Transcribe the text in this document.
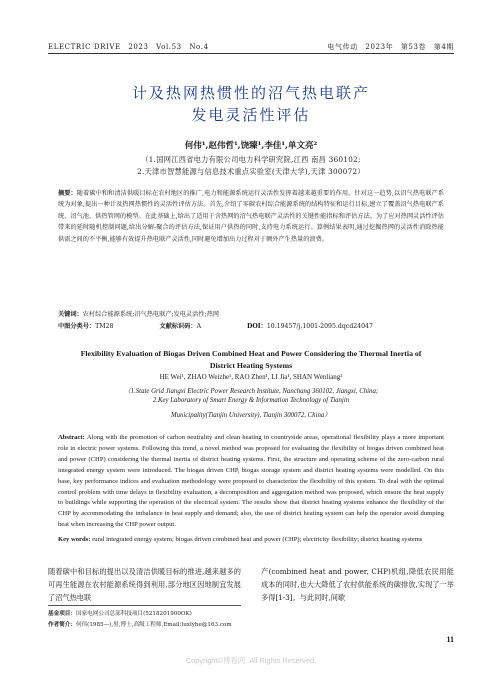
ELECTRIC DRIVE　2023　Vol.53　No.4	电气传动　2023年　第53卷　第4期
计及热网热惯性的沼气热电联产
发电灵活性评估
何伟¹,赵伟哲¹,饶臻¹,李佳¹,单文亮²
（1.国网江西省电力有限公司电力科学研究院,江西 南昌 360102;
2.天津市智慧能源与信息技术重点实验室(天津大学),天津 300072）
摘要：随着碳中和和清洁供暖目标在农村地区的推广,电力和能源系统运行灵活性发挥着越来越重要的作用。针对这一趋势,以沼气热电联产系统为对象,提出一种计及热网热惯性的灵活性评估方法。首先,介绍了零碳农村综合能源系统的结构特征和运行目标,建立了覆盖沼气热电联产系统、沼气池、供热管网的模型。在此基础上,给出了适用于含热网的沼气热电联产灵活性的关键性能指标和评估方法。为了应对热网灵活性评估带来的延时随机控制问题,给出分解-聚合的评估方法,保证用户供热的同时,支持电力系统运行。算例结果表明,通过挖掘热网的灵活性消除热能供需之间的不平衡,能够有效提升热电联产灵活性,同时避免增加出力过程对于额外产生热量的浪费。
关键词：农村综合能源系统;沼气热电联产;发电灵活性;热网
中图分类号：TM28	文献标识码：A	DOI：10.19457/j.1001-2095.dqcd24047
Flexibility Evaluation of Biogas Driven Combined Heat and Power Considering the Thermal Inertia of
District Heating Systems
HE Wei¹, ZHAO Weizhe¹, RAO Zhen¹, LI Jia¹, SHAN Wenliang²
（1.State Grid Jiangxi Electric Power Research Institute, Nanchang 360102, Jiangxi, China;
2.Key Laboratory of Smart Energy & Information Technology of Tianjin
Municipality(Tianjin University), Tianjin 300072, China）
Abstract: Along with the promotion of carbon neutrality and clean heating in countryside areas, operational flexibility plays a more important role in electric power systems. Following this trend, a novel method was proposed for evaluating the flexibility of biogas driven combined heat and power (CHP) considering the thermal inertia of district heating systems. First, the structure and operating scheme of the zero-carbon rural integrated energy system were introduced. The biogas driven CHP, biogas storage system and district heating systems were modelled. On this base, key performance indices and evaluation methodology were proposed to characterize the flexibility of this system. To deal with the optimal control problem with time delays in flexibility evaluation, a decomposition and aggregation method was proposed, which ensure the heat supply to buildings while supporting the operation of the electrical system. The results show that district heating systems enhance the flexibility of the CHP by accommodating the imbalance in heat supply and demand; also, the use of district heating system can help the operator avoid dumping heat when increasing the CHP power output.
Key words: rural integrated energy system; biogas driven combined heat and power (CHP); electricity flexibility; district heating systems
随着碳中和目标的提出以及清洁供暖目标的推进,越来越多的可再生能源在农村能源系统得到利用,部分地区因地制宜发展了沼气热电联
产(combined heat and power, CHP)机组,降低农民用能成本的同时,也大大降低了农村供能系统的碳排放,实现了一举多得[1-3]。与此同时,间歇
基金项目：国家电网公司总部科技项目(5218201900OK)
作者简介：何伟(1985—),男,博士,高级工程师,Email:luxlyhe@163.com
11
Copyright©博看网. All Rights Reserved.
